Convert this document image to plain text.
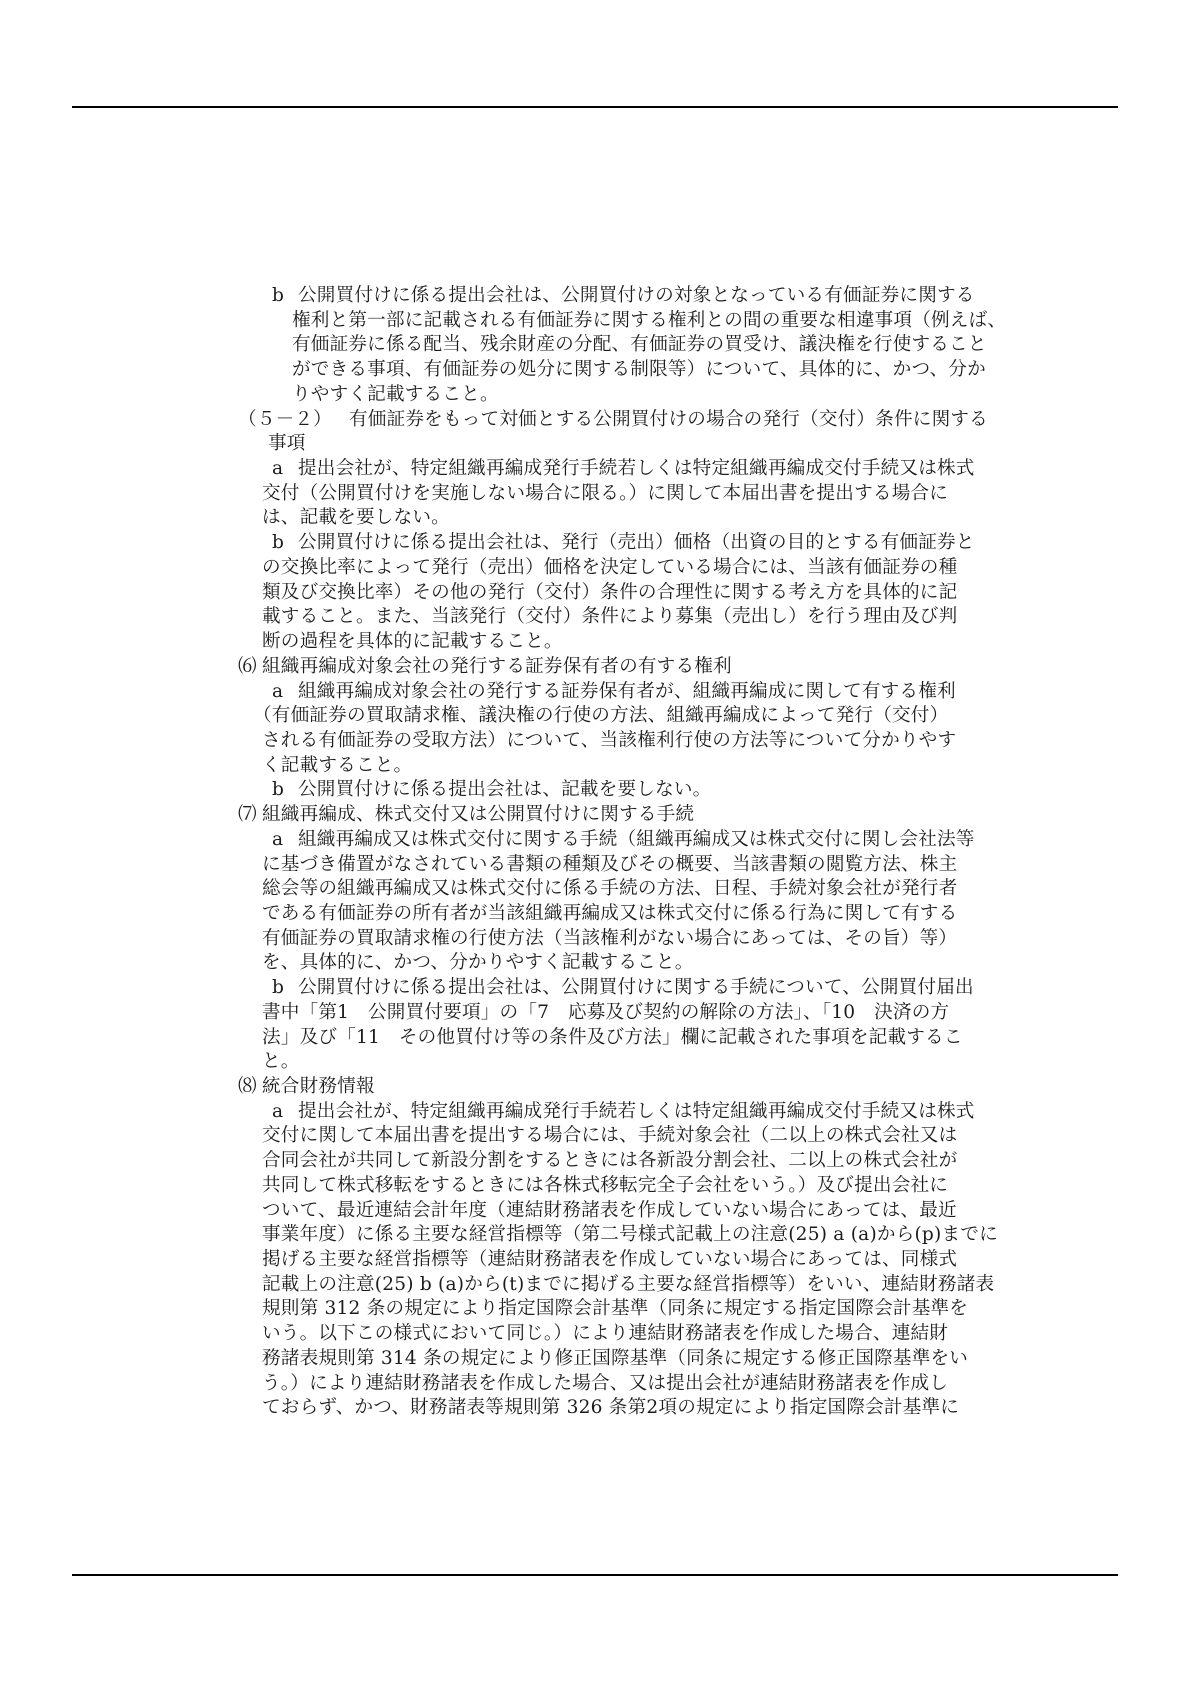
b 公開買付けに係る提出会社は、公開買付けの対象となっている有価証券に関する
権利と第一部に記載される有価証券に関する権利との間の重要な相違事項（例えば、
有価証券に係る配当、残余財産の分配、有価証券の買受け、議決権を行使すること
ができる事項、有価証券の処分に関する制限等）について、具体的に、かつ、分か
りやすく記載すること。
（５－２） 有価証券をもって対価とする公開買付けの場合の発行（交付）条件に関する
事項
a 提出会社が、特定組織再編成発行手続若しくは特定組織再編成交付手続又は株式
交付（公開買付けを実施しない場合に限る。）に関して本届出書を提出する場合に
は、記載を要しない。
b 公開買付けに係る提出会社は、発行（売出）価格（出資の目的とする有価証券と
の交換比率によって発行（売出）価格を決定している場合には、当該有価証券の種
類及び交換比率）その他の発行（交付）条件の合理性に関する考え方を具体的に記
載すること。また、当該発行（交付）条件により募集（売出し）を行う理由及び判
断の過程を具体的に記載すること。
⑹ 組織再編成対象会社の発行する証券保有者の有する権利
a 組織再編成対象会社の発行する証券保有者が、組織再編成に関して有する権利
（有価証券の買取請求権、議決権の行使の方法、組織再編成によって発行（交付）
される有価証券の受取方法）について、当該権利行使の方法等について分かりやす
く記載すること。
b 公開買付けに係る提出会社は、記載を要しない。
⑺ 組織再編成、株式交付又は公開買付けに関する手続
a 組織再編成又は株式交付に関する手続（組織再編成又は株式交付に関し会社法等
に基づき備置がなされている書類の種類及びその概要、当該書類の閲覧方法、株主
総会等の組織再編成又は株式交付に係る手続の方法、日程、手続対象会社が発行者
である有価証券の所有者が当該組織再編成又は株式交付に係る行為に関して有する
有価証券の買取請求権の行使方法（当該権利がない場合にあっては、その旨）等）
を、具体的に、かつ、分かりやすく記載すること。
b 公開買付けに係る提出会社は、公開買付けに関する手続について、公開買付届出
書中「第1　公開買付要項」の「7　応募及び契約の解除の方法」、「10　決済の方
法」及び「11　その他買付け等の条件及び方法」欄に記載された事項を記載するこ
と。
⑻ 統合財務情報
a 提出会社が、特定組織再編成発行手続若しくは特定組織再編成交付手続又は株式
交付に関して本届出書を提出する場合には、手続対象会社（二以上の株式会社又は
合同会社が共同して新設分割をするときには各新設分割会社、二以上の株式会社が
共同して株式移転をするときには各株式移転完全子会社をいう。）及び提出会社に
ついて、最近連結会計年度（連結財務諸表を作成していない場合にあっては、最近
事業年度）に係る主要な経営指標等（第二号様式記載上の注意(25) a (a)から(p)までに
掲げる主要な経営指標等（連結財務諸表を作成していない場合にあっては、同様式
記載上の注意(25) b (a)から(t)までに掲げる主要な経営指標等）をいい、連結財務諸表
規則第 312 条の規定により指定国際会計基準（同条に規定する指定国際会計基準を
いう。以下この様式において同じ。）により連結財務諸表を作成した場合、連結財
務諸表規則第 314 条の規定により修正国際基準（同条に規定する修正国際基準をい
う。）により連結財務諸表を作成した場合、又は提出会社が連結財務諸表を作成し
ておらず、かつ、財務諸表等規則第 326 条第2項の規定により指定国際会計基準に
